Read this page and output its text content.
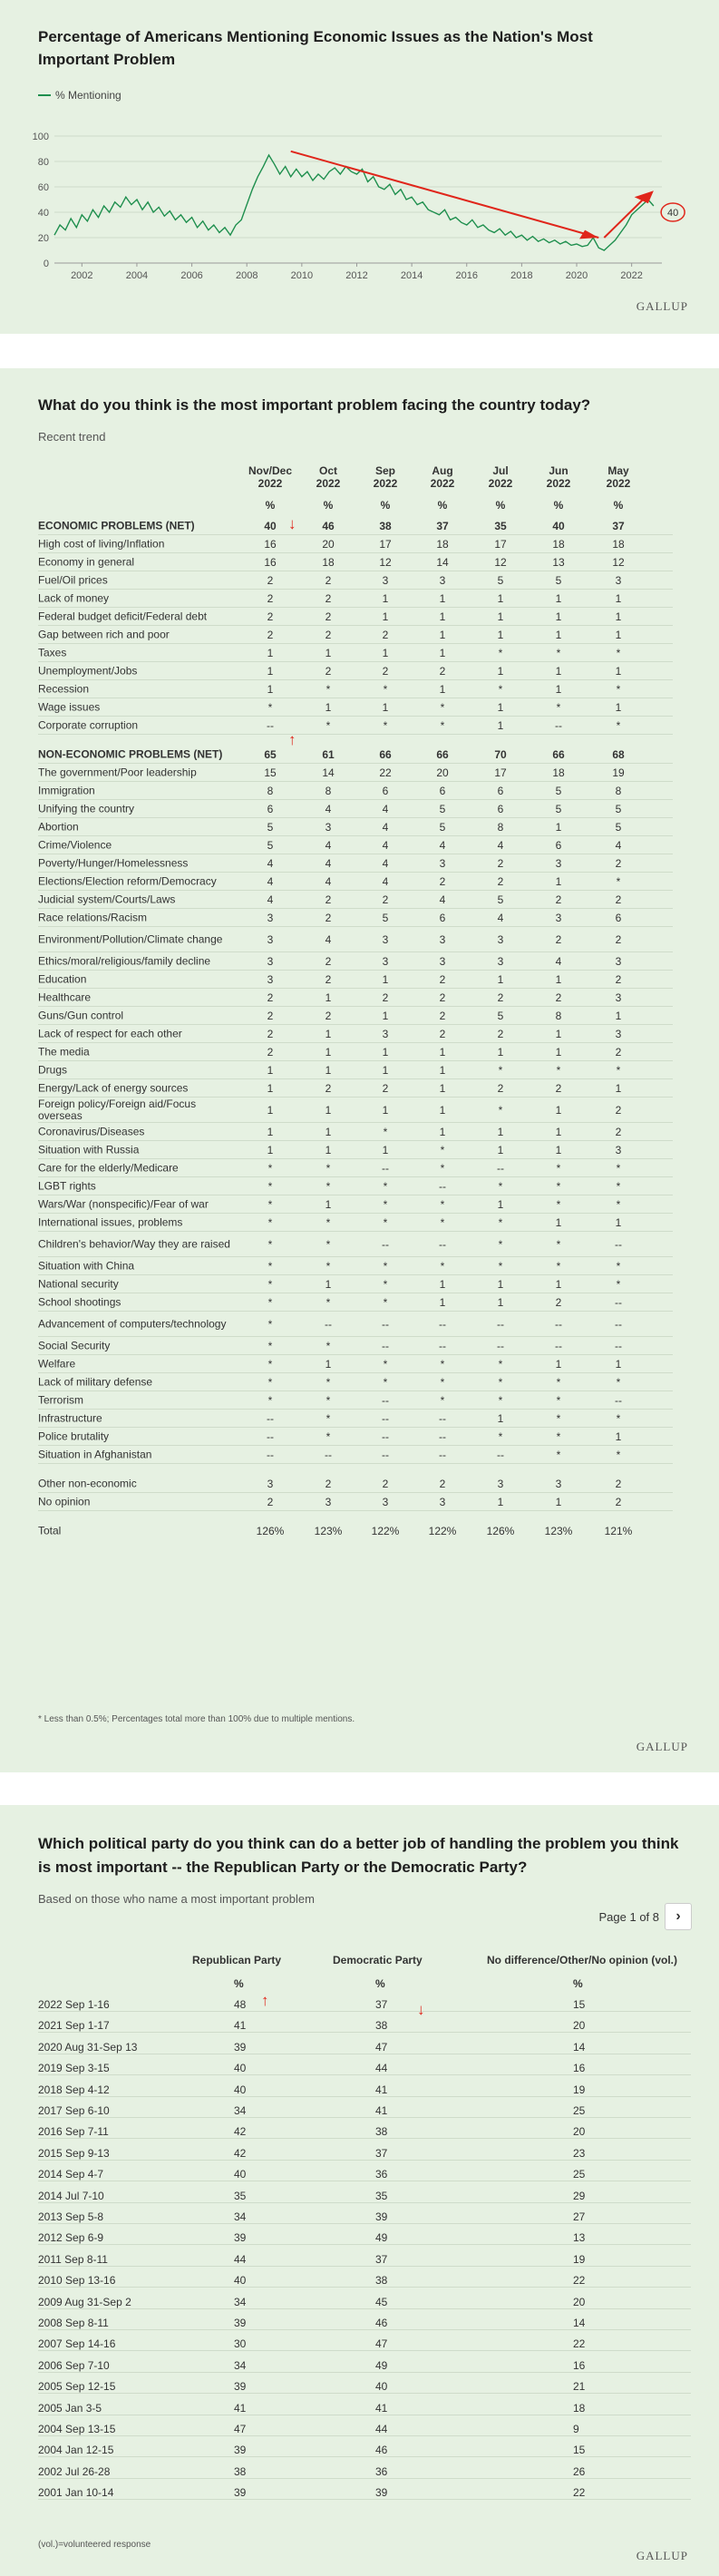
Percentage of Americans Mentioning Economic Issues as the Nation's Most Important Problem
% Mentioning
0
20
40
60
80
100
2002	2004	2006	2008	2010	2012	2014	2016	2018	2020	2022
40
GALLUP
What do you think is the most important problem facing the country today?
Recent trend
Nov/Dec
2022
Oct
2022
Sep
2022
Aug
2022
Jul
2022
Jun
2022
May
2022
%	%	%	%	%	%	%
ECONOMIC PROBLEMS (NET)	40	46	38	37	35	40	37
High cost of living/Inflation	16	20	17	18	17	18	18
Economy in general	16	18	12	14	12	13	12
Fuel/Oil prices	2	2	3	3	5	5	3
Lack of money	2	2	1	1	1	1	1
Federal budget deficit/Federal debt	2	2	1	1	1	1	1
Gap between rich and poor	2	2	2	1	1	1	1
Taxes	1	1	1	1	*	*	*
Unemployment/Jobs	1	2	2	2	1	1	1
Recession	1	*	*	1	*	1	*
Wage issues	*	1	1	*	1	*	1
Corporate corruption	--	*	*	*	1	--	*
NON-ECONOMIC PROBLEMS (NET)	65	61	66	66	70	66	68
The government/Poor leadership	15	14	22	20	17	18	19
Immigration	8	8	6	6	6	5	8
Unifying the country	6	4	4	5	6	5	5
Abortion	5	3	4	5	8	1	5
Crime/Violence	5	4	4	4	4	6	4
Poverty/Hunger/Homelessness	4	4	4	3	2	3	2
Elections/Election reform/Democracy	4	4	4	2	2	1	*
Judicial system/Courts/Laws	4	2	2	4	5	2	2
Race relations/Racism	3	2	5	6	4	3	6
Environment/Pollution/Climate change	3	4	3	3	3	2	2
Ethics/moral/religious/family decline	3	2	3	3	3	4	3
Education	3	2	1	2	1	1	2
Healthcare	2	1	2	2	2	2	3
Guns/Gun control	2	2	1	2	5	8	1
Lack of respect for each other	2	1	3	2	2	1	3
The media	2	1	1	1	1	1	2
Drugs	1	1	1	1	*	*	*
Energy/Lack of energy sources	1	2	2	1	2	2	1
Foreign policy/Foreign aid/Focus overseas	1	1	1	1	*	1	2
Coronavirus/Diseases	1	1	*	1	1	1	2
Situation with Russia	1	1	1	*	1	1	3
Care for the elderly/Medicare	*	*	--	*	--	*	*
LGBT rights	*	*	*	--	*	*	*
Wars/War (nonspecific)/Fear of war	*	1	*	*	1	*	*
International issues, problems	*	*	*	*	*	1	1
Children's behavior/Way they are raised	*	*	--	--	*	*	--
Situation with China	*	*	*	*	*	*	*
National security	*	1	*	1	1	1	*
School shootings	*	*	*	1	1	2	--
Advancement of computers/technology	*	--	--	--	--	--	--
Social Security	*	*	--	--	--	--	--
Welfare	*	1	*	*	*	1	1
Lack of military defense	*	*	*	*	*	*	*
Terrorism	*	*	--	*	*	*	--
Infrastructure	--	*	--	--	1	*	*
Police brutality	--	*	--	--	*	*	1
Situation in Afghanistan	--	--	--	--	--	*	*
Other non-economic	3	2	2	2	3	3	2
No opinion	2	3	3	3	1	1	2
Total	126%	123%	122%	122%	126%	123%	121%
↓
↑
* Less than 0.5%; Percentages total more than 100% due to multiple mentions.
GALLUP
Which political party do you think can do a better job of handling the problem you think is most important -- the Republican Party or the Democratic Party?
Based on those who name a most important problem
Page 1 of 8 ›
Republican Party
%
Democratic Party
%
No difference/Other/No opinion (vol.)
%
2022 Sep 1-16	48	37	15
2021 Sep 1-17	41	38	20
2020 Aug 31-Sep 13	39	47	14
2019 Sep 3-15	40	44	16
2018 Sep 4-12	40	41	19
2017 Sep 6-10	34	41	25
2016 Sep 7-11	42	38	20
2015 Sep 9-13	42	37	23
2014 Sep 4-7	40	36	25
2014 Jul 7-10	35	35	29
2013 Sep 5-8	34	39	27
2012 Sep 6-9	39	49	13
2011 Sep 8-11	44	37	19
2010 Sep 13-16	40	38	22
2009 Aug 31-Sep 2	34	45	20
2008 Sep 8-11	39	46	14
2007 Sep 14-16	30	47	22
2006 Sep 7-10	34	49	16
2005 Sep 12-15	39	40	21
2005 Jan 3-5	41	41	18
2004 Sep 13-15	47	44	9
2004 Jan 12-15	39	46	15
2002 Jul 26-28	38	36	26
2001 Jan 10-14	39	39	22
↑
↓
(vol.)=volunteered response
GALLUP
